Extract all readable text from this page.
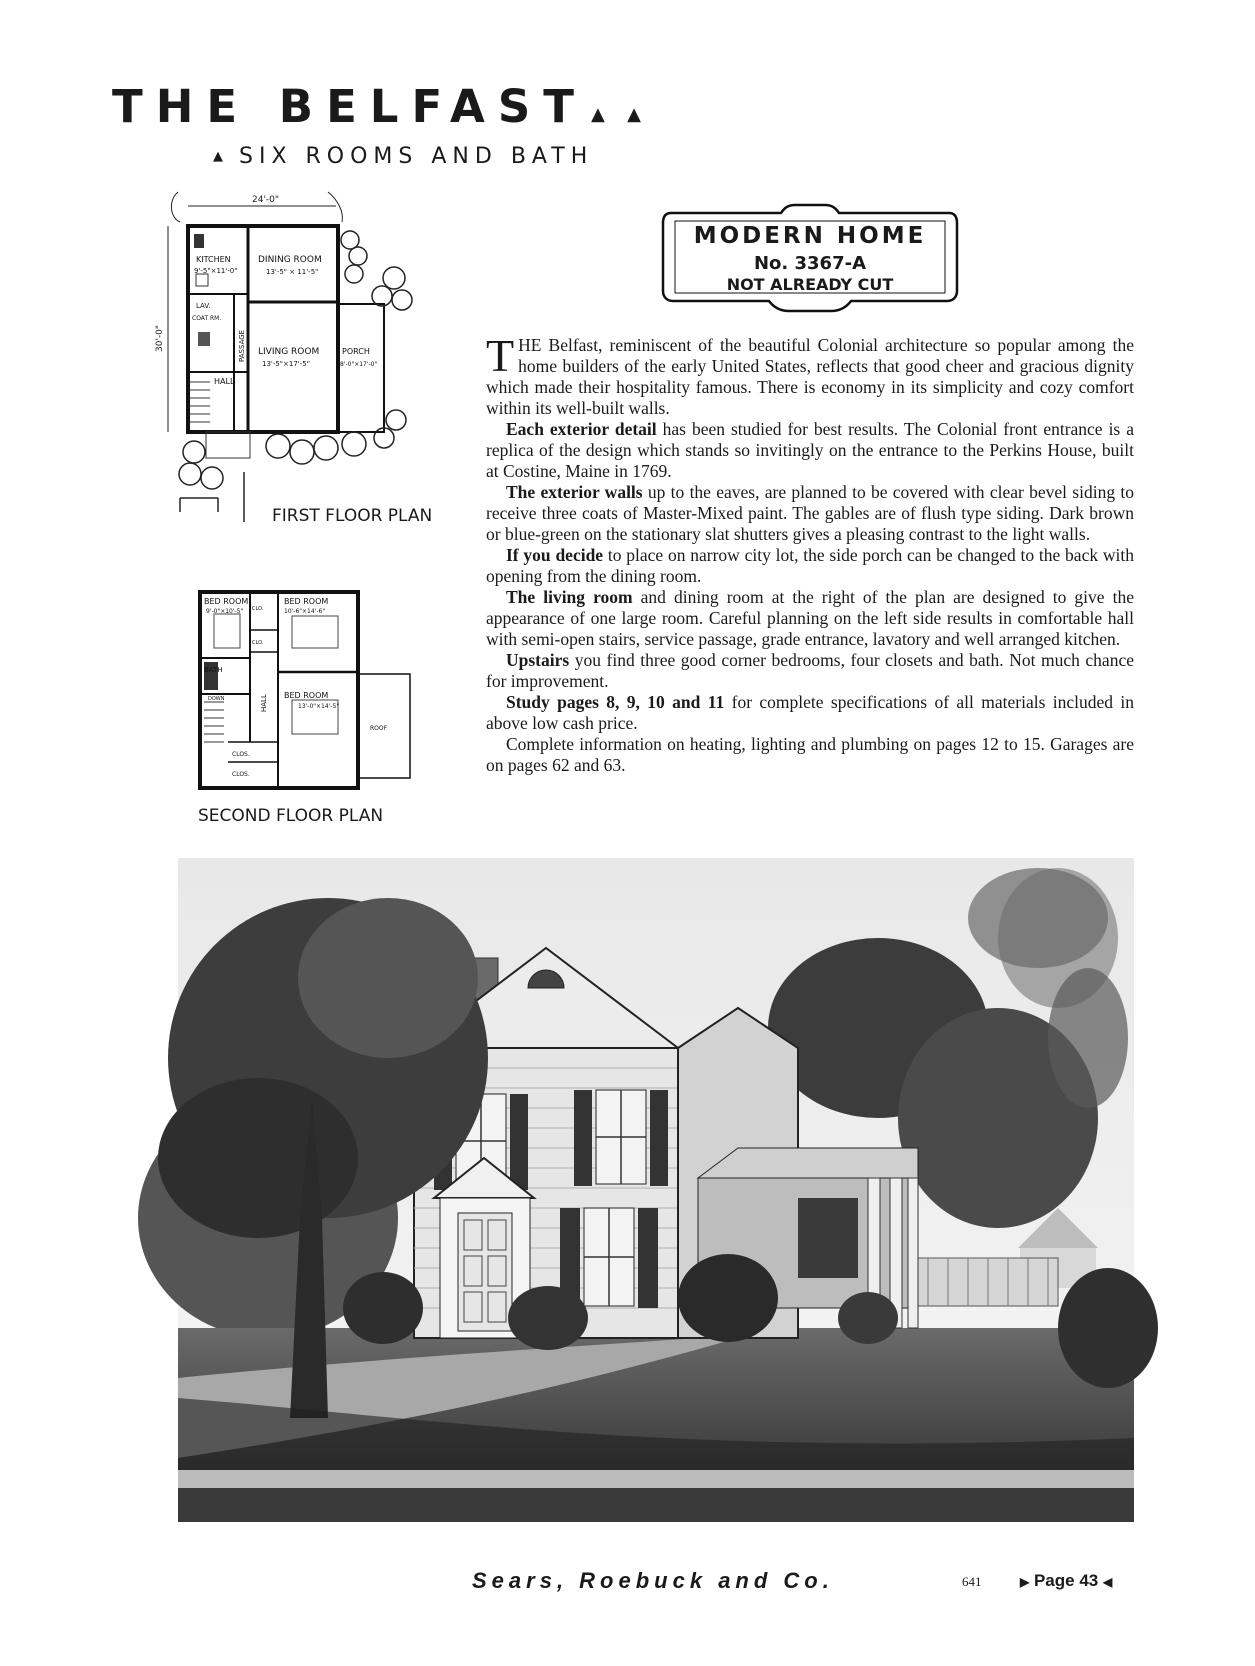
THE BELFAST ▲ ▲
▲ SIX ROOMS AND BATH
24'-0"
30'-0"
KITCHEN
9'-5"×11'-0"
DINING ROOM
13'-5" × 11'-5"
LAV.
COAT RM.
PASSAGE LIVING ROOM
13'-5"×17'-5"
PORCH
8'-0"×17'-0"
HALL
FIRST FLOOR PLAN
BED ROOM
9'-0"×10'-5"
BED ROOM
10'-6"×14'-6"
CLO.
CLO.
BATH
HALL
DOWN	BED ROOM
13'-0"×14'-5"
CLOS.
CLOS.
ROOF
SECOND FLOOR PLAN
MODERN HOME
No. 3367-A
NOT ALREADY CUT

THE Belfast, reminiscent of the beautiful Colonial architecture so popular among the home builders of the early United States, reflects that good cheer and gracious dignity which made their hospitality famous. There is economy in its simplicity and cozy comfort within its well-built walls.

Each exterior detail has been studied for best results. The Colonial front entrance is a replica of the design which stands so invitingly on the entrance to the Perkins House, built at Costine, Maine in 1769.

The exterior walls up to the eaves, are planned to be covered with clear bevel siding to receive three coats of Master-Mixed paint. The gables are of flush type siding. Dark brown or blue-green on the stationary slat shutters gives a pleasing contrast to the light walls.

If you decide to place on narrow city lot, the side porch can be changed to the back with opening from the dining room.

The living room and dining room at the right of the plan are designed to give the appearance of one large room. Careful planning on the left side results in comfortable hall with semi-open stairs, service passage, grade entrance, lavatory and well arranged kitchen.

Upstairs you find three good corner bedrooms, four closets and bath. Not much chance for improvement.

Study pages 8, 9, 10 and 11 for complete specifications of all materials included in above low cash price.

Complete information on heating, lighting and plumbing on pages 12 to 15. Garages are on pages 62 and 63.

Sears, Roebuck and Co.	641	▶ Page 43 ◀
